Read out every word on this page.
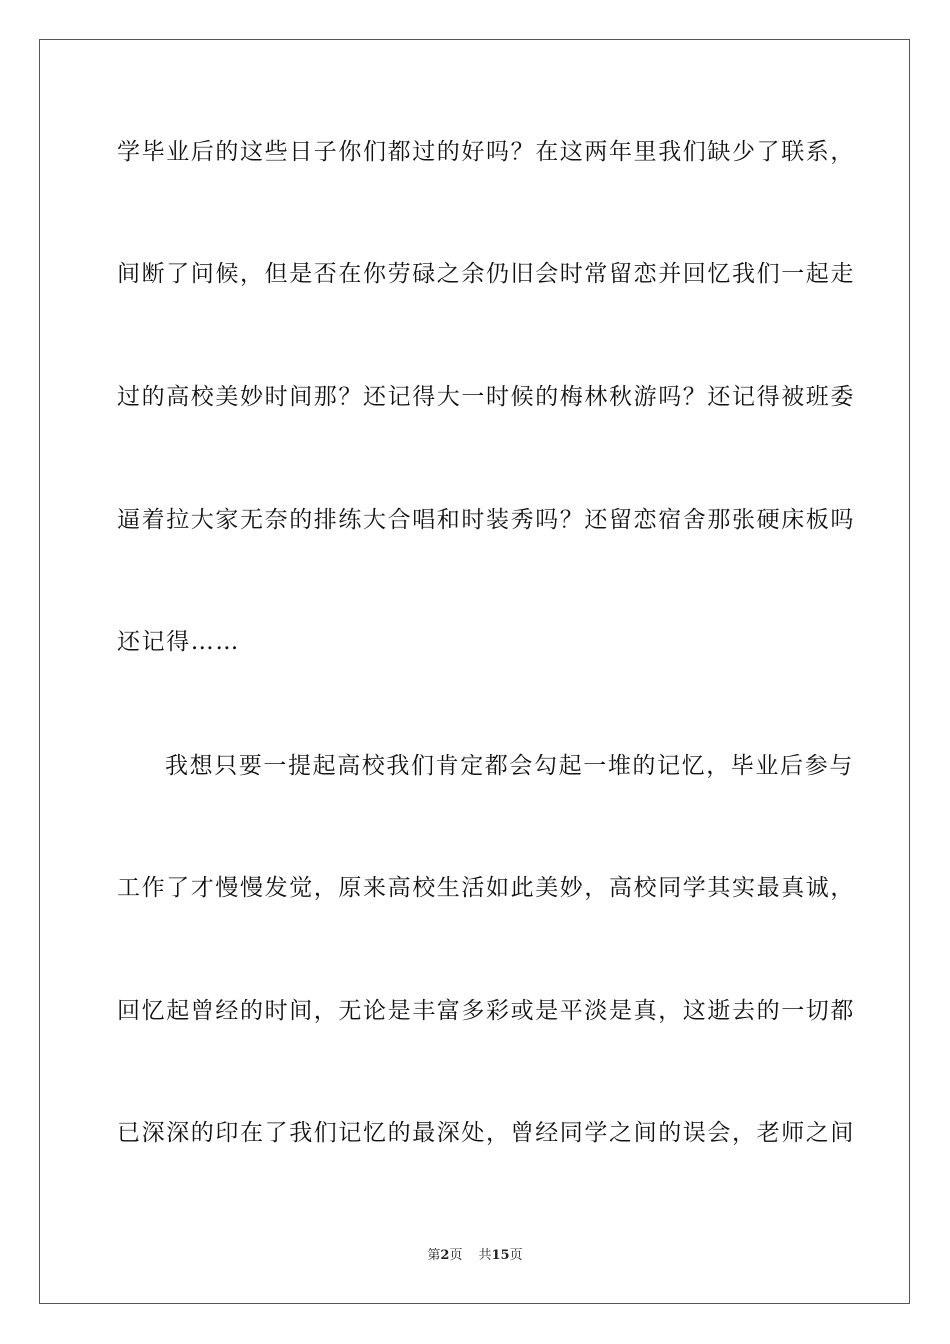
学毕业后的这些日子你们都过的好吗？在这两年里我们缺少了联系，
间断了问候，但是否在你劳碌之余仍旧会时常留恋并回忆我们一起走
过的高校美妙时间那？还记得大一时候的梅林秋游吗？还记得被班委
逼着拉大家无奈的排练大合唱和时装秀吗？还留恋宿舍那张硬床板吗
还记得……
我想只要一提起高校我们肯定都会勾起一堆的记忆，毕业后参与
工作了才慢慢发觉，原来高校生活如此美妙，高校同学其实最真诚，
回忆起曾经的时间，无论是丰富多彩或是平淡是真，这逝去的一切都
已深深的印在了我们记忆的最深处，曾经同学之间的误会，老师之间
第2页 共15页
